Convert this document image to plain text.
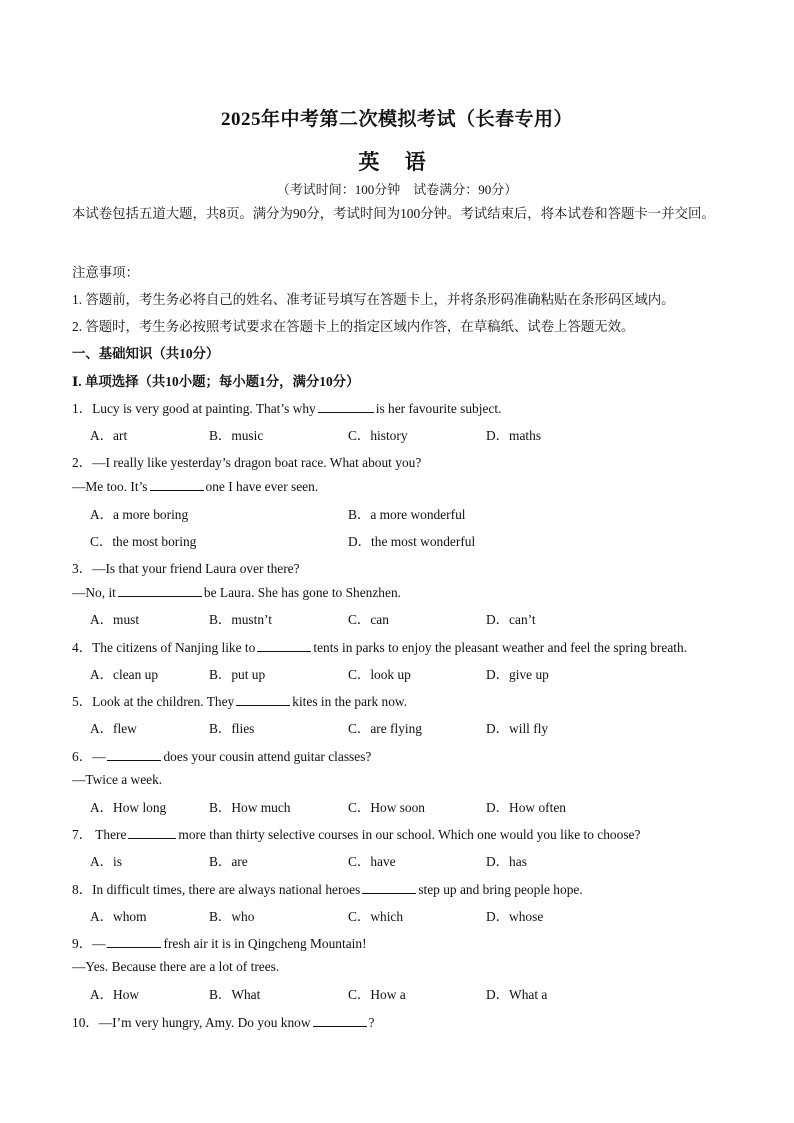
2025年中考第二次模拟考试（长春专用）
英 语
（考试时间：100分钟　试卷满分：90分）
本试卷包括五道大题，共8页。满分为90分，考试时间为100分钟。考试结束后，将本试卷和答题卡一并交回。
注意事项：
1. 答题前，考生务必将自己的姓名、准考证号填写在答题卡上，并将条形码准确粘贴在条形码区域内。
2. 答题时，考生务必按照考试要求在答题卡上的指定区域内作答，在草稿纸、试卷上答题无效。
一、基础知识（共10分）
Ⅰ. 单项选择（共10小题；每小题1分，满分10分）
1．Lucy is very good at painting. That’s why	is her favourite subject.
A．art	B．music	C．history	D．maths
2．—I really like yesterday’s dragon boat race. What about you?
—Me too. It’s	one I have ever seen.
A．a more boring	B．a more wonderful
C．the most boring	D．the most wonderful
3．—Is that your friend Laura over there?
—No, it	be Laura. She has gone to Shenzhen.
A．must	B．mustn’t	C．can	D．can’t
4．The citizens of Nanjing like to	tents in parks to enjoy the pleasant weather and feel the spring breath.
A．clean up	B．put up	C．look up	D．give up
5．Look at the children. They	kites in the park now.
A．flew	B．flies	C．are flying	D．will fly
6．—	does your cousin attend guitar classes?
—Twice a week.
A．How long	B．How much	C．How soon	D．How often
7． There	more than thirty selective courses in our school. Which one would you like to choose?
A．is	B．are	C．have	D．has
8．In difficult times, there are always national heroes	step up and bring people hope.
A．whom	B．who	C．which	D．whose
9．—	fresh air it is in Qingcheng Mountain!
—Yes. Because there are a lot of trees.
A．How	B．What	C．How a	D．What a
10．—I’m very hungry, Amy. Do you know	?
